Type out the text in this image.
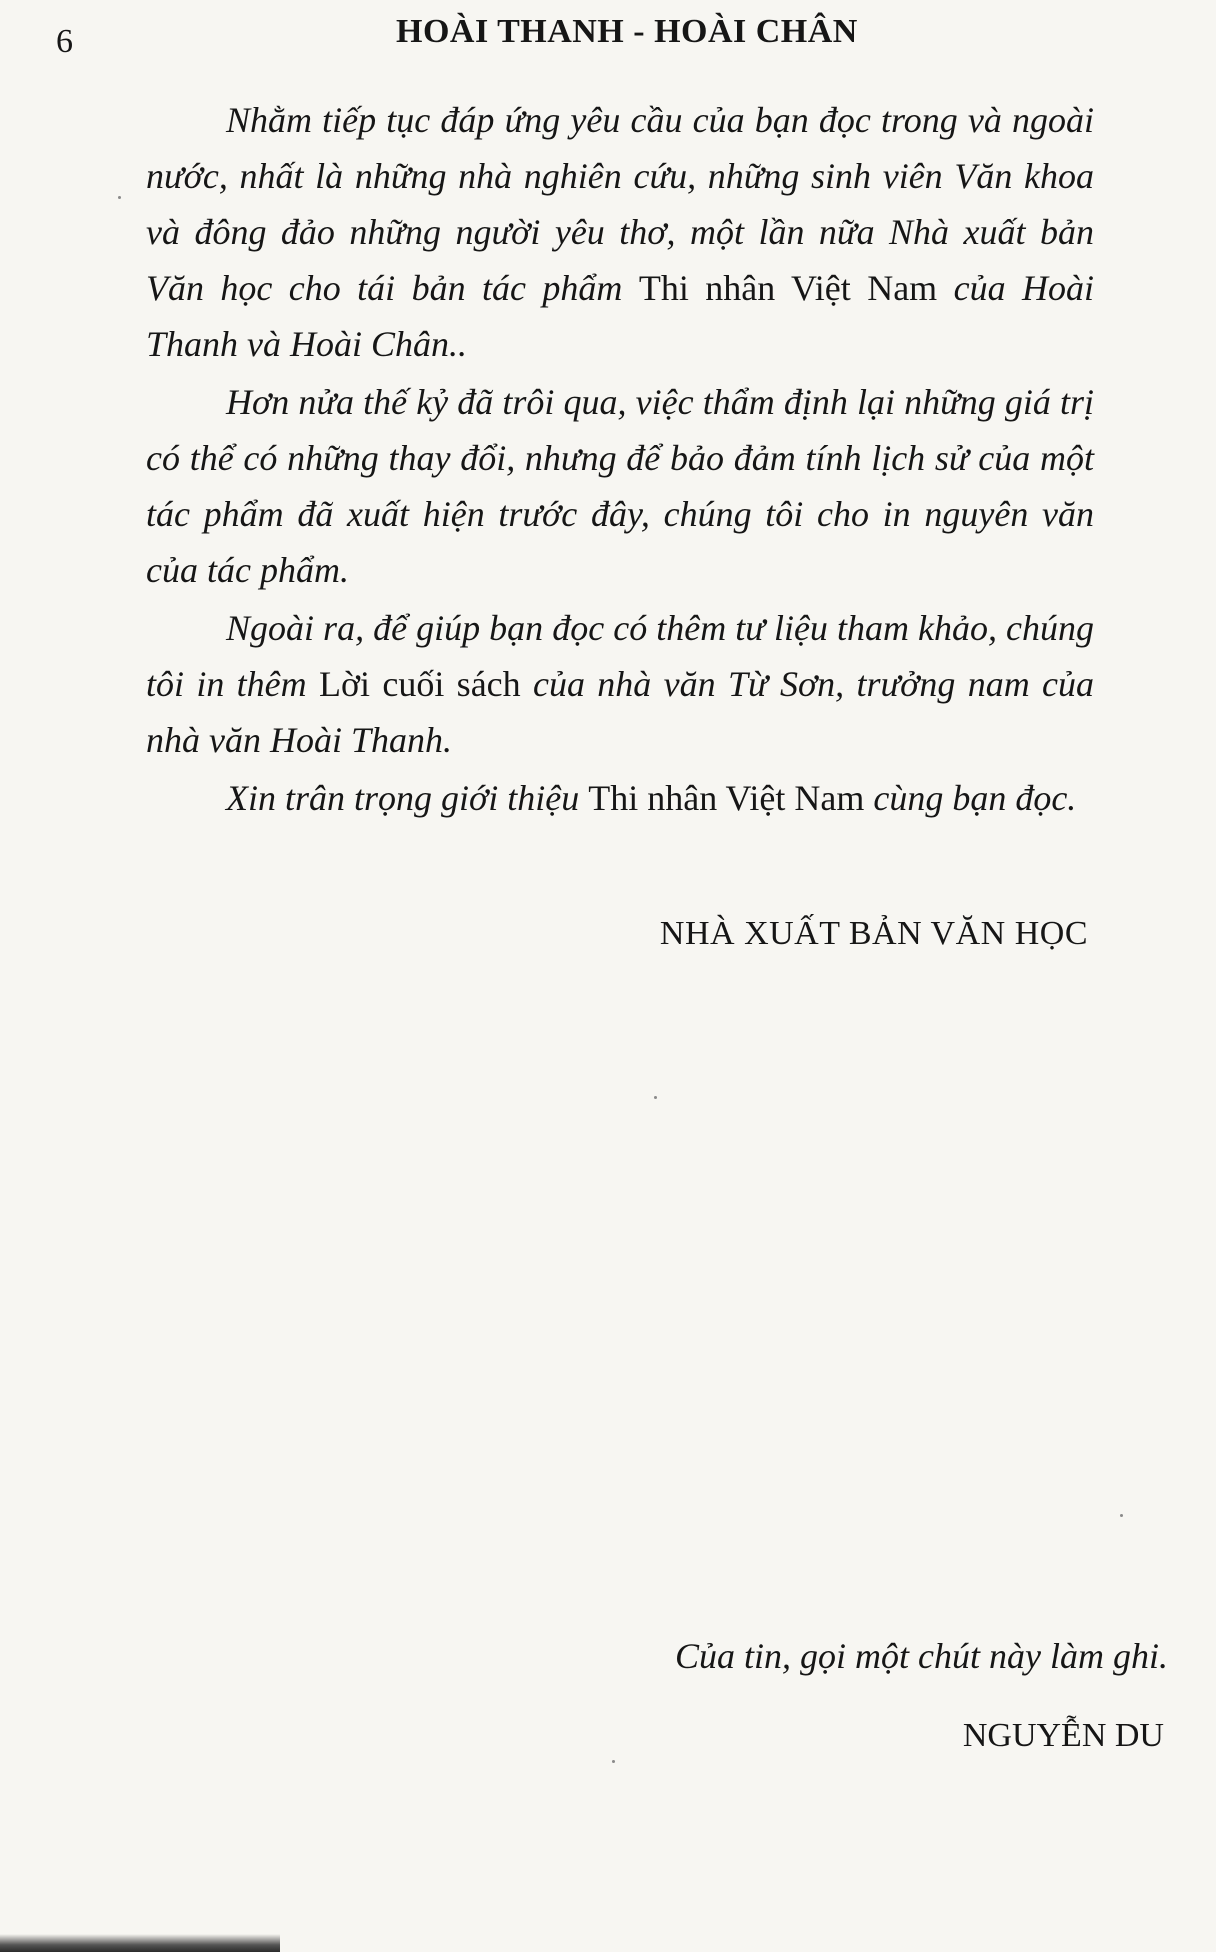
6	HOÀI THANH - HOÀI CHÂN

Nhằm tiếp tục đáp ứng yêu cầu của bạn đọc trong và ngoài nước, nhất là những nhà nghiên cứu, những sinh viên Văn khoa và đông đảo những người yêu thơ, một lần nữa Nhà xuất bản Văn học cho tái bản tác phẩm Thi nhân Việt Nam của Hoài Thanh và Hoài Chân..

Hơn nửa thế kỷ đã trôi qua, việc thẩm định lại những giá trị có thể có những thay đổi, nhưng để bảo đảm tính lịch sử của một tác phẩm đã xuất hiện trước đây, chúng tôi cho in nguyên văn của tác phẩm.

Ngoài ra, để giúp bạn đọc có thêm tư liệu tham khảo, chúng tôi in thêm Lời cuối sách của nhà văn Từ Sơn, trưởng nam của nhà văn Hoài Thanh.

Xin trân trọng giới thiệu Thi nhân Việt Nam cùng bạn đọc.

NHÀ XUẤT BẢN VĂN HỌC
Của tin, gọi một chút này làm ghi.
NGUYỄN DU
